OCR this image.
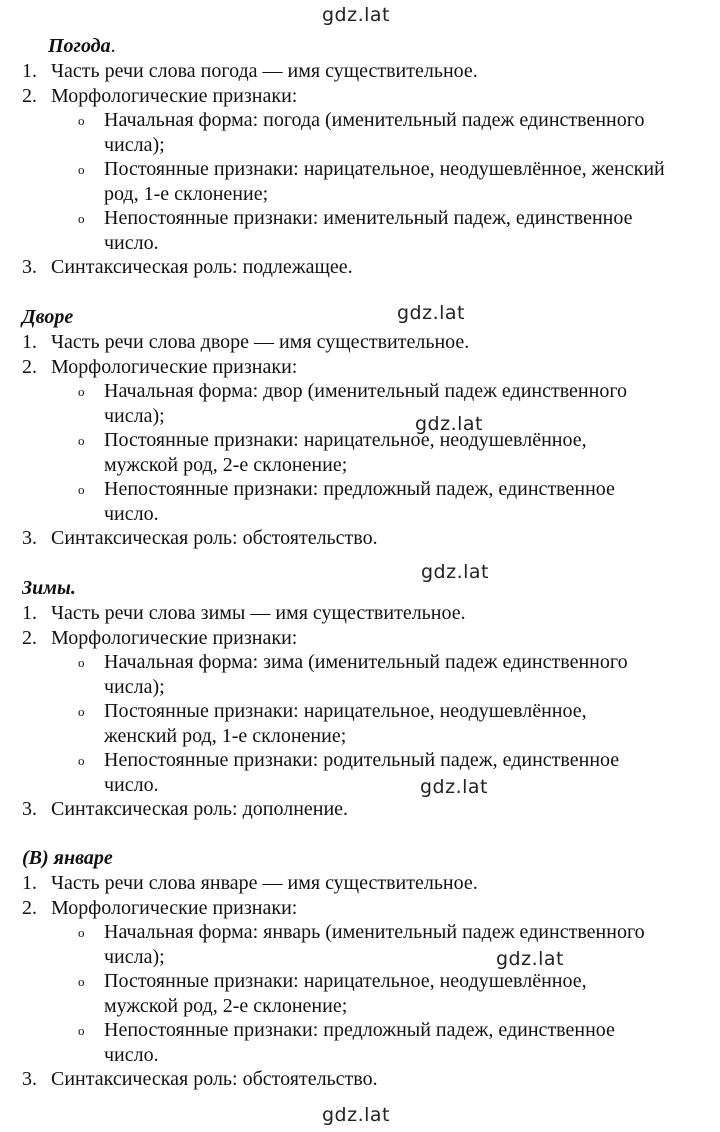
gdz.lat
gdz.lat
gdz.lat
gdz.lat
gdz.lat
gdz.lat
gdz.lat
Погода.
1. Часть речи слова погода — имя существительное.
2. Морфологические признаки:
o Начальная форма: погода (именительный падеж единственного
числа);
o Постоянные признаки: нарицательное, неодушевлённое, женский
род, 1-е склонение;
o Непостоянные признаки: именительный падеж, единственное
число.
3. Синтаксическая роль: подлежащее.
Дворе
1. Часть речи слова дворе — имя существительное.
2. Морфологические признаки:
o Начальная форма: двор (именительный падеж единственного
числа);
o Постоянные признаки: нарицательное, неодушевлённое,
мужской род, 2-е склонение;
o Непостоянные признаки: предложный падеж, единственное
число.
3. Синтаксическая роль: обстоятельство.
Зимы.
1. Часть речи слова зимы — имя существительное.
2. Морфологические признаки:
o Начальная форма: зима (именительный падеж единственного
числа);
o Постоянные признаки: нарицательное, неодушевлённое,
женский род, 1-е склонение;
o Непостоянные признаки: родительный падеж, единственное
число.
3. Синтаксическая роль: дополнение.
(В) январе
1. Часть речи слова январе — имя существительное.
2. Морфологические признаки:
o Начальная форма: январь (именительный падеж единственного
числа);
o Постоянные признаки: нарицательное, неодушевлённое,
мужской род, 2-е склонение;
o Непостоянные признаки: предложный падеж, единственное
число.
3. Синтаксическая роль: обстоятельство.
